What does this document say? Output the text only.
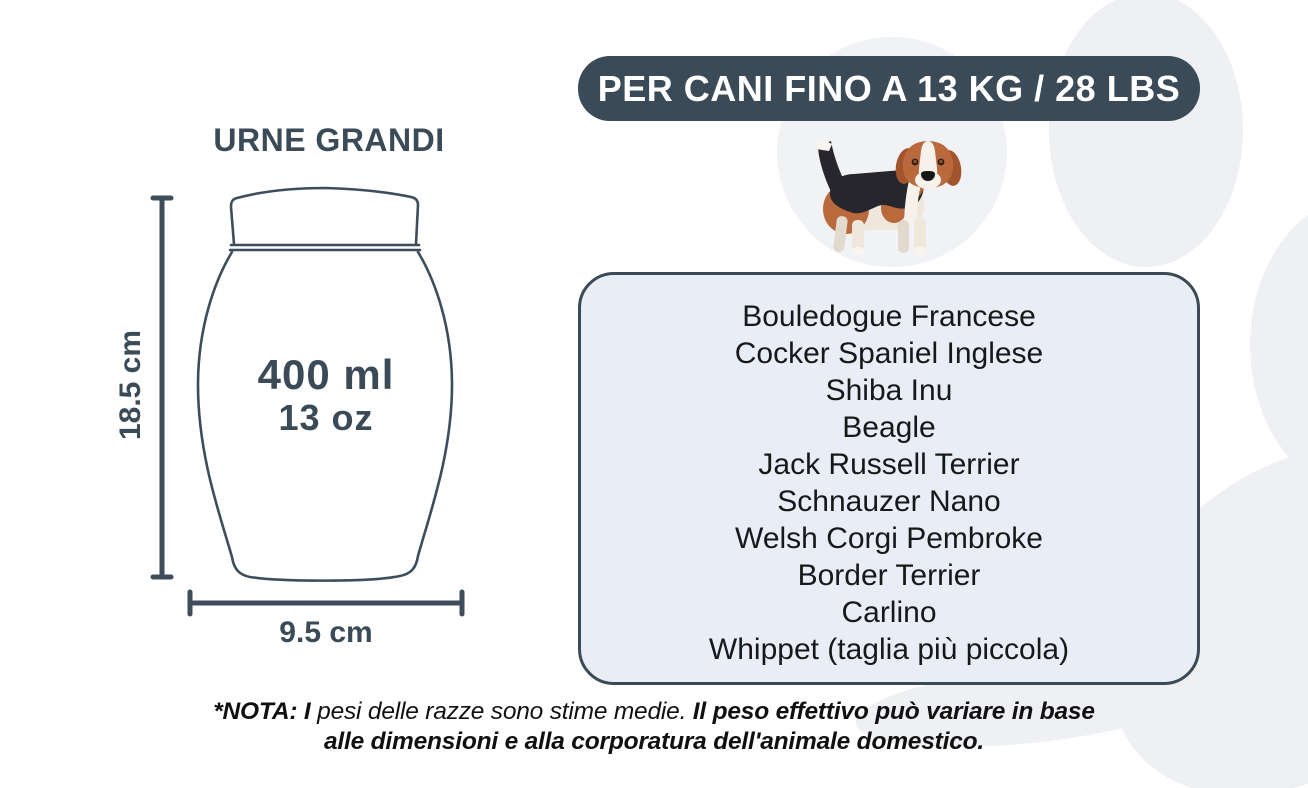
PER CANI FINO A 13 KG / 28 LBS
URNE GRANDI
400 ml
13 oz
18.5 cm
9.5 cm
Bouledogue Francese
Cocker Spaniel Inglese
Shiba Inu
Beagle
Jack Russell Terrier
Schnauzer Nano
Welsh Corgi Pembroke
Border Terrier
Carlino
Whippet (taglia più piccola)
*NOTA: I pesi delle razze sono stime medie. Il peso effettivo può variare in base
alle dimensioni e alla corporatura dell'animale domestico.
